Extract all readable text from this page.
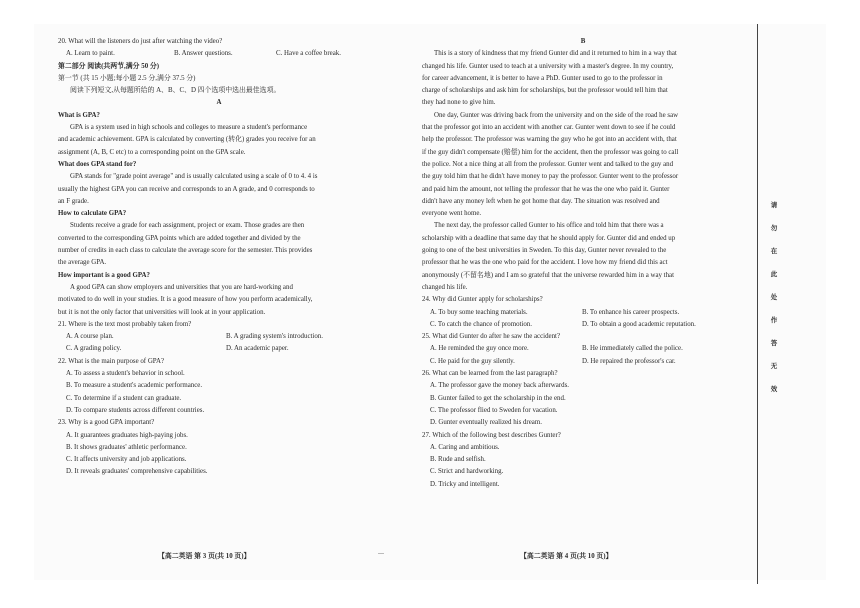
20. What will the listeners do just after watching the video?
A. Learn to paint.	B. Answer questions.	C. Have a coffee break.
第二部分 阅读(共两节,满分 50 分)
第一节 (共 15 小题;每小题 2.5 分,满分 37.5 分)
阅读下列短文,从每题所给的 A、B、C、D 四个选项中选出最佳选项。
A
What is GPA?
GPA is a system used in high schools and colleges to measure a student's performance
and academic achievement. GPA is calculated by converting (转化) grades you receive for an
assignment (A, B, C etc) to a corresponding point on the GPA scale.
What does GPA stand for?
GPA stands for "grade point average" and is usually calculated using a scale of 0 to 4. 4 is
usually the highest GPA you can receive and corresponds to an A grade, and 0 corresponds to
an F grade.
How to calculate GPA?
Students receive a grade for each assignment, project or exam. Those grades are then
converted to the corresponding GPA points which are added together and divided by the
number of credits in each class to calculate the average score for the semester. This provides
the average GPA.
How important is a good GPA?
A good GPA can show employers and universities that you are hard-working and
motivated to do well in your studies. It is a good measure of how you perform academically,
but it is not the only factor that universities will look at in your application.
21. Where is the text most probably taken from?
A. A course plan.	B. A grading system's introduction.
C. A grading policy.	D. An academic paper.
22. What is the main purpose of GPA?
A. To assess a student's behavior in school.
B. To measure a student's academic performance.
C. To determine if a student can graduate.
D. To compare students across different countries.
23. Why is a good GPA important?
A. It guarantees graduates high-paying jobs.
B. It shows graduates' athletic performance.
C. It affects university and job applications.
D. It reveals graduates' comprehensive capabilities.
【高二英语 第 3 页(共 10 页)】
B
This is a story of kindness that my friend Gunter did and it returned to him in a way that
changed his life. Gunter used to teach at a university with a master's degree. In my country,
for career advancement, it is better to have a PhD. Gunter used to go to the professor in
charge of scholarships and ask him for scholarships, but the professor would tell him that
they had none to give him.
One day, Gunter was driving back from the university and on the side of the road he saw
that the professor got into an accident with another car. Gunter went down to see if he could
help the professor. The professor was warning the guy who he got into an accident with, that
if the guy didn't compensate (赔偿) him for the accident, then the professor was going to call
the police. Not a nice thing at all from the professor. Gunter went and talked to the guy and
the guy told him that he didn't have money to pay the professor. Gunter went to the professor
and paid him the amount, not telling the professor that he was the one who paid it. Gunter
didn't have any money left when he got home that day. The situation was resolved and
everyone went home.
The next day, the professor called Gunter to his office and told him that there was a
scholarship with a deadline that same day that he should apply for. Gunter did and ended up
going to one of the best universities in Sweden. To this day, Gunter never revealed to the
professor that he was the one who paid for the accident. I love how my friend did this act
anonymously (不留名地) and I am so grateful that the universe rewarded him in a way that
changed his life.
24. Why did Gunter apply for scholarships?
A. To buy some teaching materials.	B. To enhance his career prospects.
C. To catch the chance of promotion.	D. To obtain a good academic reputation.
25. What did Gunter do after he saw the accident?
A. He reminded the guy once more.	B. He immediately called the police.
C. He paid for the guy silently.	D. He repaired the professor's car.
26. What can be learned from the last paragraph?
A. The professor gave the money back afterwards.
B. Gunter failed to get the scholarship in the end.
C. The professor flied to Sweden for vacation.
D. Gunter eventually realized his dream.
27. Which of the following best describes Gunter?
A. Caring and ambitious.
B. Rude and selfish.
C. Strict and hardworking.
D. Tricky and intelligent.
【高二英语 第 4 页(共 10 页)】
请
勿
在
此
处
作
答
无
效
